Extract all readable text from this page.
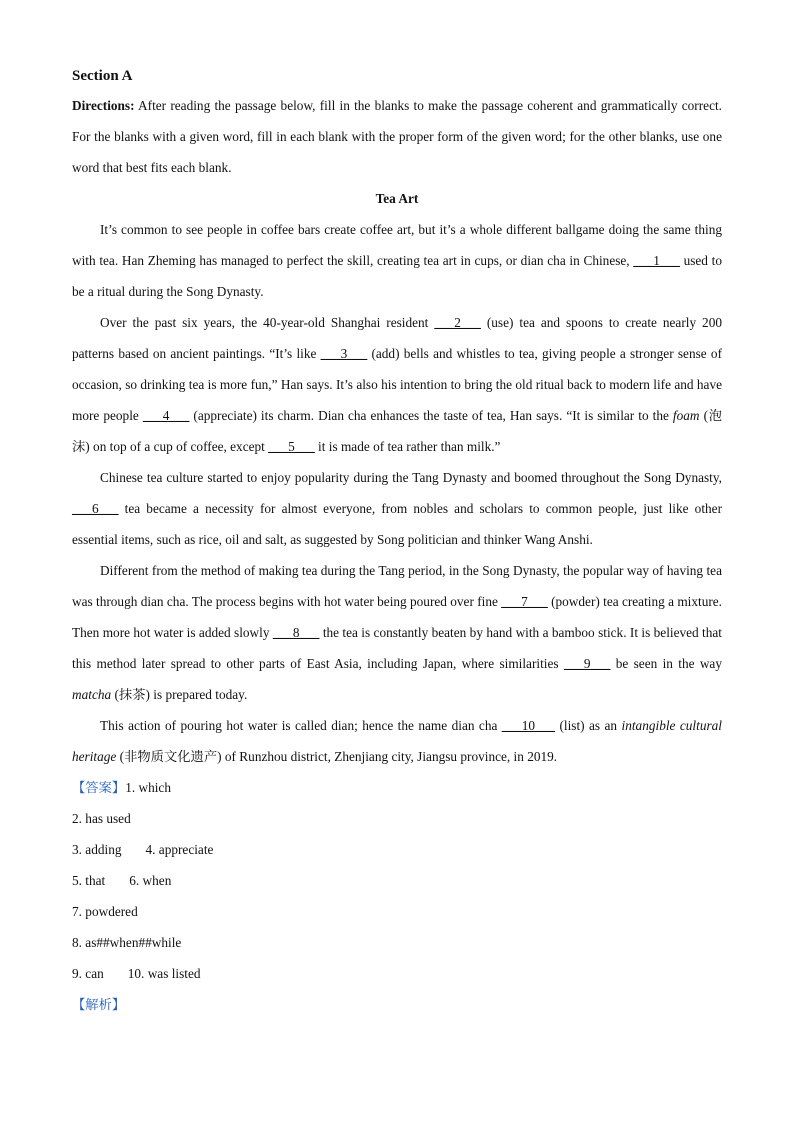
Section A

Directions: After reading the passage below, fill in the blanks to make the passage coherent and grammatically correct. For the blanks with a given word, fill in each blank with the proper form of the given word; for the other blanks, use one word that best fits each blank.

Tea Art

It’s common to see people in coffee bars create coffee art, but it’s a whole different ballgame doing the same thing with tea. Han Zheming has managed to perfect the skill, creating tea art in cups, or dian cha in Chinese, ___1___ used to be a ritual during the Song Dynasty.

Over the past six years, the 40-year-old Shanghai resident ___2___ (use) tea and spoons to create nearly 200 patterns based on ancient paintings. “It’s like ___3___ (add) bells and whistles to tea, giving people a stronger sense of occasion, so drinking tea is more fun,” Han says. It’s also his intention to bring the old ritual back to modern life and have more people ___4___ (appreciate) its charm. Dian cha enhances the taste of tea, Han says. “It is similar to the foam (泡沫) on top of a cup of coffee, except ___5___ it is made of tea rather than milk.”

Chinese tea culture started to enjoy popularity during the Tang Dynasty and boomed throughout the Song Dynasty, ___6___ tea became a necessity for almost everyone, from nobles and scholars to common people, just like other essential items, such as rice, oil and salt, as suggested by Song politician and thinker Wang Anshi.

Different from the method of making tea during the Tang period, in the Song Dynasty, the popular way of having tea was through dian cha. The process begins with hot water being poured over fine ___7___ (powder) tea creating a mixture. Then more hot water is added slowly ___8___ the tea is constantly beaten by hand with a bamboo stick. It is believed that this method later spread to other parts of East Asia, including Japan, where similarities ___9___ be seen in the way matcha (抹茶) is prepared today.

This action of pouring hot water is called dian; hence the name dian cha ___10___ (list) as an intangible cultural heritage (非物质文化遗产) of Runzhou district, Zhenjiang city, Jiangsu province, in 2019.

【答案】1. which
2. has used
3. adding 4. appreciate
5. that 6. when
7. powdered
8. as##when##while
9. can 10. was listed
【解析】
